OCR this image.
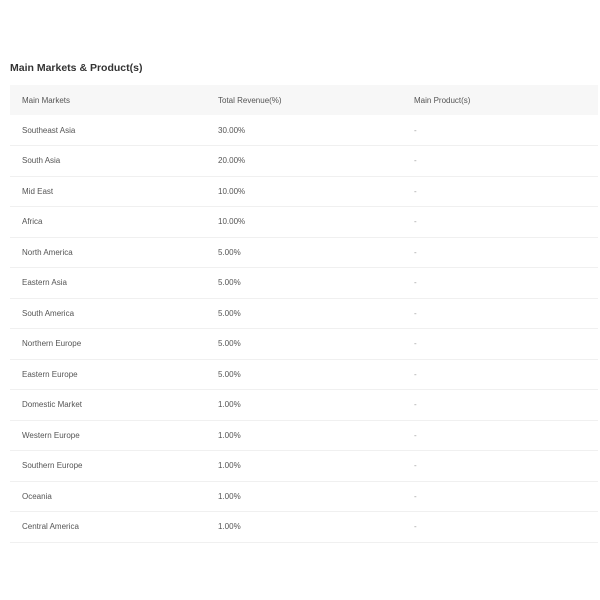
Main Markets & Product(s)
Main Markets	Total Revenue(%)	Main Product(s)
Southeast Asia	30.00%	-
South Asia	20.00%	-
Mid East	10.00%	-
Africa	10.00%	-
North America	5.00%	-
Eastern Asia	5.00%	-
South America	5.00%	-
Northern Europe	5.00%	-
Eastern Europe	5.00%	-
Domestic Market	1.00%	-
Western Europe	1.00%	-
Southern Europe	1.00%	-
Oceania	1.00%	-
Central America	1.00%	-
